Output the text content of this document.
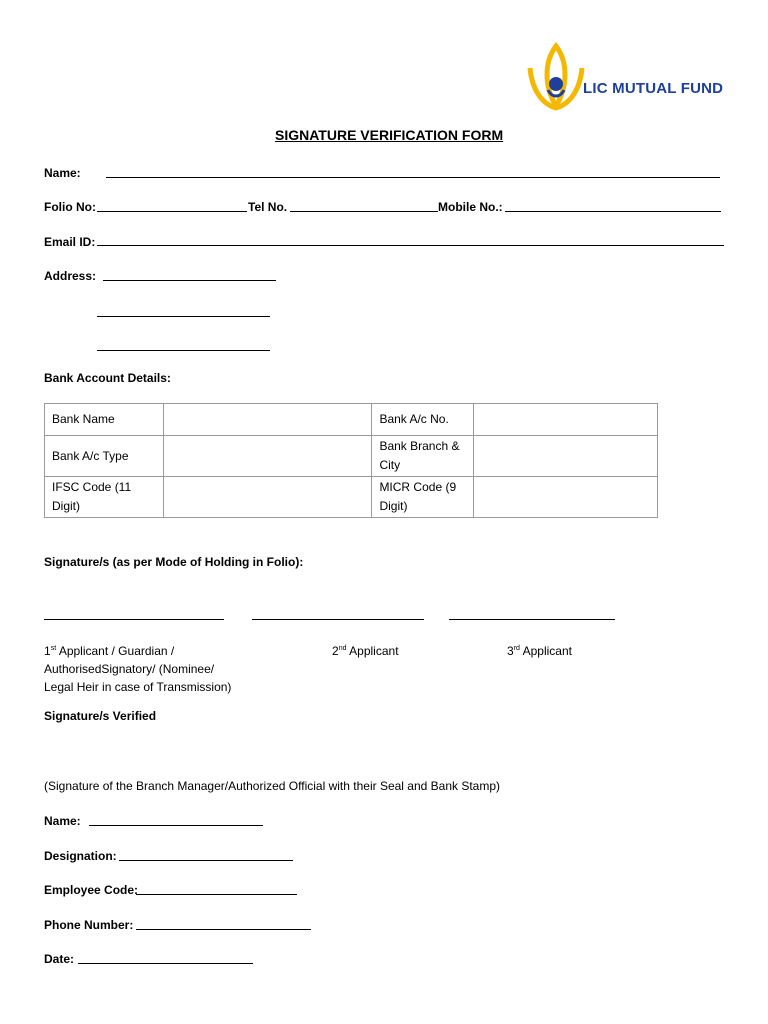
LIC MUTUAL FUND
SIGNATURE VERIFICATION FORM
Name:
Folio No:	Tel No.	Mobile No.:
Email ID:
Address:
Bank Account Details:
Bank Name		Bank A/c No.	
Bank A/c Type		Bank Branch & City	
IFSC Code (11 Digit)		MICR Code (9 Digit)	
Signature/s (as per Mode of Holding in Folio):
1st Applicant / Guardian /
AuthorisedSignatory/ (Nominee/
Legal Heir in case of Transmission)
2nd Applicant	3rd Applicant
Signature/s Verified
(Signature of the Branch Manager/Authorized Official with their Seal and Bank Stamp)
Name:
Designation:
Employee Code:
Phone Number:
Date:
